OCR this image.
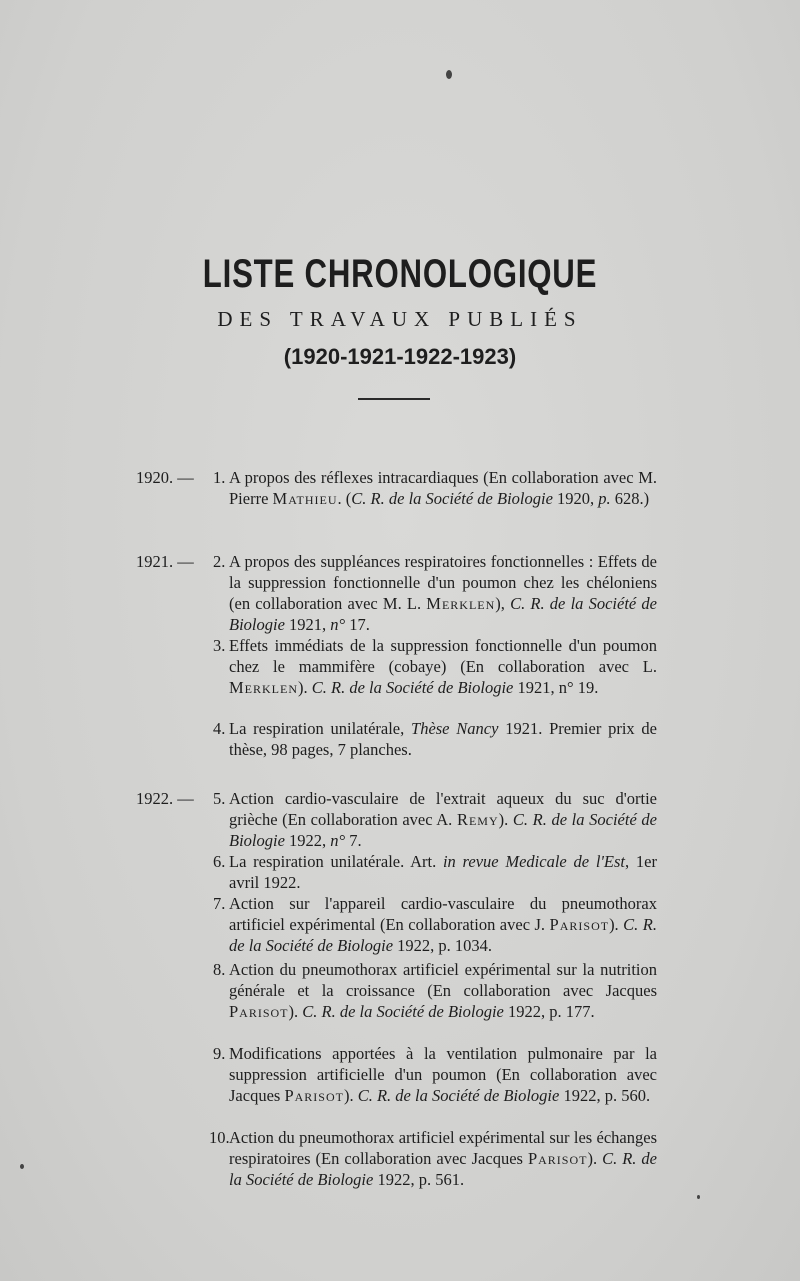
LISTE CHRONOLOGIQUE
DES TRAVAUX PUBLIÉS
(1920-1921-1922-1923)
1920. — 1. A propos des réflexes intracardiaques (En collaboration avec M. Pierre Mathieu. (C. R. de la Société de Biologie 1920, p. 628.)
1921. — 2. A propos des suppléances respiratoires fonctionnelles : Effets de la suppression fonctionnelle d'un poumon chez les chéloniens (en collaboration avec M. L. Merklen), C. R. de la Société de Biologie 1921, n° 17.
3. Effets immédiats de la suppression fonctionnelle d'un poumon chez le mammifère (cobaye) (En collaboration avec L. Merklen). C. R. de la Société de Biologie 1921, n° 19.
4. La respiration unilatérale, Thèse Nancy 1921. Premier prix de thèse, 98 pages, 7 planches.
1922. — 5. Action cardio-vasculaire de l'extrait aqueux du suc d'ortie grièche (En collaboration avec A. Remy). C. R. de la Société de Biologie 1922, n° 7.
6. La respiration unilatérale. Art. in revue Medicale de l'Est, 1er avril 1922.
7. Action sur l'appareil cardio-vasculaire du pneumothorax artificiel expérimental (En collaboration avec J. Parisot). C. R. de la Société de Biologie 1922, p. 1034.
8. Action du pneumothorax artificiel expérimental sur la nutrition générale et la croissance (En collaboration avec Jacques Parisot). C. R. de la Société de Biologie 1922, p. 177.
9. Modifications apportées à la ventilation pulmonaire par la suppression artificielle d'un poumon (En collaboration avec Jacques Parisot). C. R. de la Société de Biologie 1922, p. 560.
10. Action du pneumothorax artificiel expérimental sur les échanges respiratoires (En collaboration avec Jacques Parisot). C. R. de la Société de Biologie 1922, p. 561.
